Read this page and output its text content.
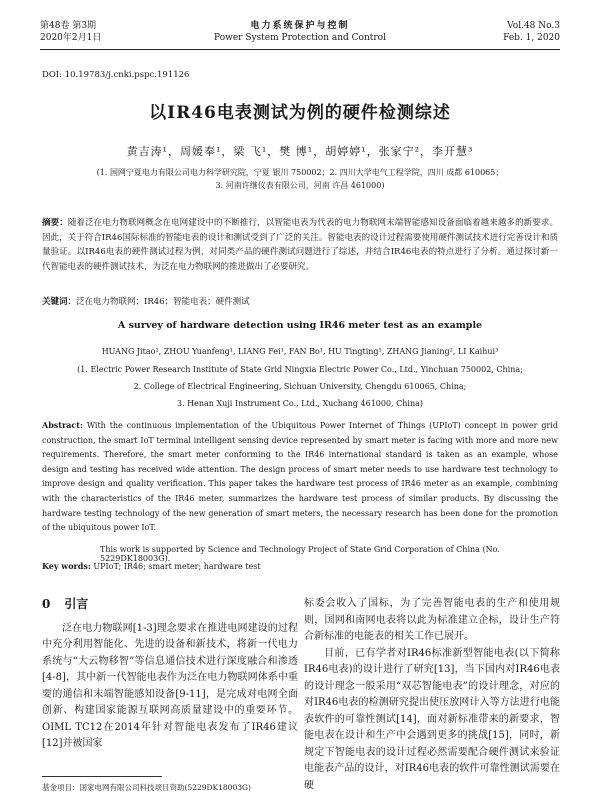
第48卷 第3期
2020年2月1日
电力系统保护与控制
Power System Protection and Control
Vol.48 No.3
Feb. 1, 2020
DOI: 10.19783/j.cnki.pspc.191126
以IR46电表测试为例的硬件检测综述
黄吉涛¹，周媛奉¹，梁 飞¹，樊 博¹，胡婷婷¹，张家宁²，李开慧³
(1. 国网宁夏电力有限公司电力科学研究院，宁夏 银川 750002；2. 四川大学电气工程学院，四川 成都 610065；
3. 河南许继仪表有限公司，河南 许昌 461000)
摘要：随着泛在电力物联网概念在电网建设中的不断推行，以智能电表为代表的电力物联网末端智能感知设备面临着越来越多的新要求。因此，关于符合IR46国际标准的智能电表的设计和测试受到了广泛的关注。智能电表的设计过程需要使用硬件测试技术进行完善设计和质量验证。以IR46电表的硬件测试过程为例，对同类产品的硬件测试问题进行了综述，并结合IR46电表的特点进行了分析。通过探讨新一代智能电表的硬件测试技术，为泛在电力物联网的推进做出了必要研究。
关键词：泛在电力物联网；IR46；智能电表；硬件测试
A survey of hardware detection using IR46 meter test as an example
HUANG Jitao¹, ZHOU Yuanfeng¹, LIANG Fei¹, FAN Bo¹, HU Tingting¹, ZHANG Jianing², LI Kaihui³
(1. Electric Power Research Institute of State Grid Ningxia Electric Power Co., Ltd., Yinchuan 750002, China;
2. College of Electrical Engineering, Sichuan University, Chengdu 610065, China;
3. Henan Xuji Instrument Co., Ltd., Xuchang 461000, China)
Abstract: With the continuous implementation of the Ubiquitous Power Internet of Things (UPIoT) concept in power grid construction, the smart IoT terminal intelligent sensing device represented by smart meter is facing with more and more new requirements. Therefore, the smart meter conforming to the IR46 international standard is taken as an example, whose design and testing has received wide attention. The design process of smart meter needs to use hardware test technology to improve design and quality verification. This paper takes the hardware test process of IR46 meter as an example, combining with the characteristics of the IR46 meter, summarizes the hardware test process of similar products. By discussing the hardware testing technology of the new generation of smart meters, the necessary research has been done for the promotion of the ubiquitous power IoT.
This work is supported by Science and Technology Project of State Grid Corporation of China (No. 5229DK18003G).
Key words: UPIoT; IR46; smart meter; hardware test
0 引言

泛在电力物联网[1-3]理念要求在推进电网建设的过程中充分利用智能化、先进的设备和新技术，将新一代电力系统与“大云物移智”等信息通信技术进行深度融合和渗透[4-8]，其中新一代智能电表作为泛在电力物联网体系中重要的通信和末端智能感知设备[9-11]，是完成对电网全面创新、构建国家能源互联网高质量建设中的重要环节。OIML TC12在2014年针对智能电表发布了IR46建议[12]并被国家

标委会收入了国标，为了完善智能电表的生产和使用规则，国网和南网电表将以此为标准建立企标，设计生产符合新标准的电能表的相关工作已展开。

目前，已有学者对IR46标准新型智能电表(以下简称IR46电表)的设计进行了研究[13]，当下国内对IR46电表的设计理念一般采用“双芯智能电表”的设计理念，对应的对IR46电表的检测研究提出使压放网计入等方法进行电能表软件的可靠性测试[14]，面对新标准带来的新要求，智能电表在设计和生产中会遇到更多的挑战[15]，同时，新规定下智能电表的设计过程必然需要配合硬件测试来验证电能表产品的设计，对IR46电表的软件可靠性测试需要在硬

基金项目：国家电网有限公司科技项目资助(5229DK18003G)
